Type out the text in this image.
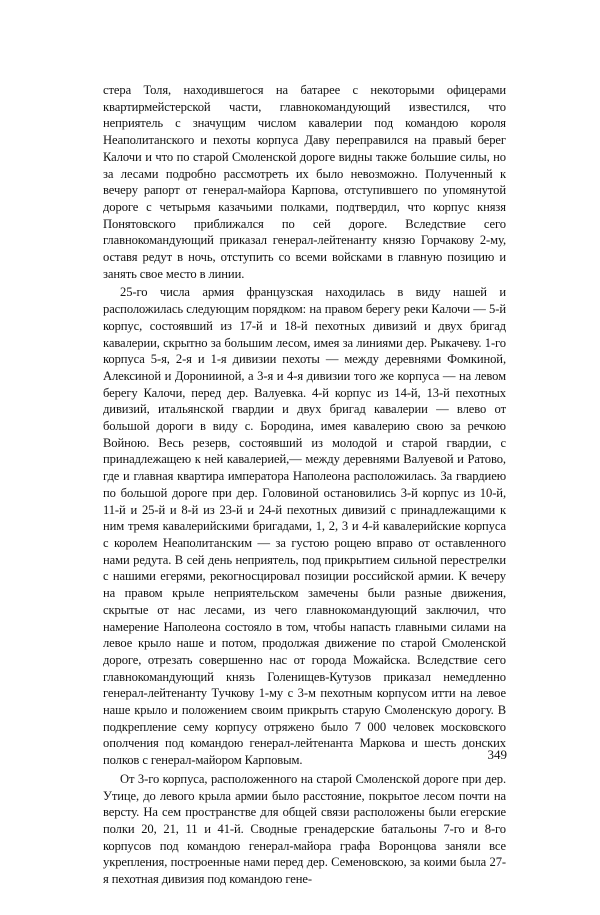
стера Толя, находившегося на батарее с некоторыми офицерами квартирмейстерской части, главнокомандующий известился, что неприятель с значущим числом кавалерии под командою короля Неаполитанского и пехоты корпуса Даву переправился на правый берег Калочи и что по старой Смоленской дороге видны также большие силы, но за лесами подробно рассмотреть их было невозможно. Полученный к вечеру рапорт от генерал-майора Карпова, отступившего по упомянутой дороге с четырьмя казачьими полками, подтвердил, что корпус князя Понятовского приближался по сей дороге. Вследствие сего главнокомандующий приказал генерал-лейтенанту князю Горчакову 2-му, оставя редут в ночь, отступить со всеми войсками в главную позицию и занять свое место в линии.

25-го числа армия французская находилась в виду нашей и расположилась следующим порядком: на правом берегу реки Калочи — 5-й корпус, состоявший из 17-й и 18-й пехотных дивизий и двух бригад кавалерии, скрытно за большим лесом, имея за линиями дер. Рыкачеву. 1-го корпуса 5-я, 2-я и 1-я дивизии пехоты — между деревнями Фомкиной, Алексиной и Доронииной, а 3-я и 4-я дивизии того же корпуса — на левом берегу Калочи, перед дер. Валуевка. 4-й корпус из 14-й, 13-й пехотных дивизий, итальянской гвардии и двух бригад кавалерии — влево от большой дороги в виду с. Бородина, имея кавалерию свою за речкою Войною. Весь резерв, состоявший из молодой и старой гвардии, с принадлежащею к ней кавалерией,— между деревнями Валуевой и Ратово, где и главная квартира императора Наполеона расположилась. За гвардиею по большой дороге при дер. Головиной остановились 3-й корпус из 10-й, 11-й и 25-й и 8-й из 23-й и 24-й пехотных дивизий с принадлежащими к ним тремя кавалерийскими бригадами, 1, 2, 3 и 4-й кавалерийские корпуса с королем Неаполитанским — за густою рощею вправо от оставленного нами редута. В сей день неприятель, под прикрытием сильной перестрелки с нашими егерями, рекогносцировал позиции российской армии. К вечеру на правом крыле неприятельском замечены были разные движения, скрытые от нас лесами, из чего главнокомандующий заключил, что намерение Наполеона состояло в том, чтобы напасть главными силами на левое крыло наше и потом, продолжая движение по старой Смоленской дороге, отрезать совершенно нас от города Можайска. Вследствие сего главнокомандующий князь Голенищев-Кутузов приказал немедленно генерал-лейтенанту Тучкову 1-му с 3-м пехотным корпусом итти на левое наше крыло и положением своим прикрыть старую Смоленскую дорогу. В подкрепление сему корпусу отряжено было 7 000 человек московского ополчения под командою генерал-лейтенанта Маркова и шесть донских полков с генерал-майором Карповым.

От 3-го корпуса, расположенного на старой Смоленской дороге при дер. Утице, до левого крыла армии было расстояние, покрытое лесом почти на версту. На сем пространстве для общей связи расположены были егерские полки 20, 21, 11 и 41-й. Сводные гренадерские батальоны 7-го и 8-го корпусов под командою генерал-майора графа Воронцова заняли все укрепления, построенные нами перед дер. Семеновскою, за коими была 27-я пехотная дивизия под командою гене-

349
